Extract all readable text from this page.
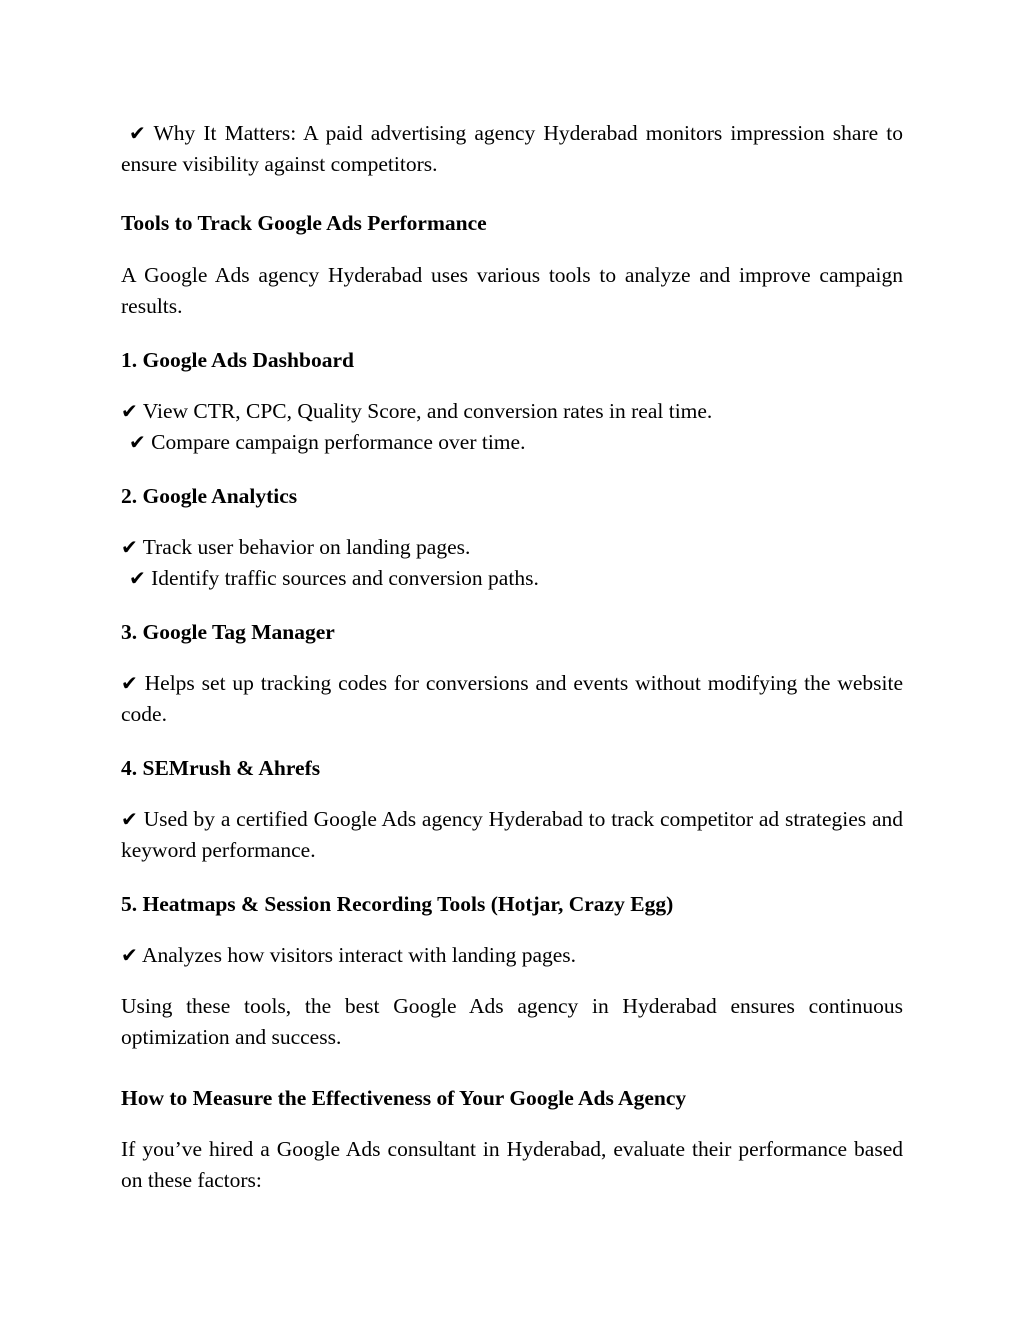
✔ Why It Matters: A paid advertising agency Hyderabad monitors impression share to ensure visibility against competitors.

Tools to Track Google Ads Performance

A Google Ads agency Hyderabad uses various tools to analyze and improve campaign results.

1. Google Ads Dashboard

✔ View CTR, CPC, Quality Score, and conversion rates in real time.

✔ Compare campaign performance over time.

2. Google Analytics

✔ Track user behavior on landing pages.

✔ Identify traffic sources and conversion paths.

3. Google Tag Manager

✔ Helps set up tracking codes for conversions and events without modifying the website code.

4. SEMrush & Ahrefs

✔ Used by a certified Google Ads agency Hyderabad to track competitor ad strategies and keyword performance.

5. Heatmaps & Session Recording Tools (Hotjar, Crazy Egg)

✔ Analyzes how visitors interact with landing pages.

Using these tools, the best Google Ads agency in Hyderabad ensures continuous optimization and success.

How to Measure the Effectiveness of Your Google Ads Agency

If you’ve hired a Google Ads consultant in Hyderabad, evaluate their performance based on these factors:
